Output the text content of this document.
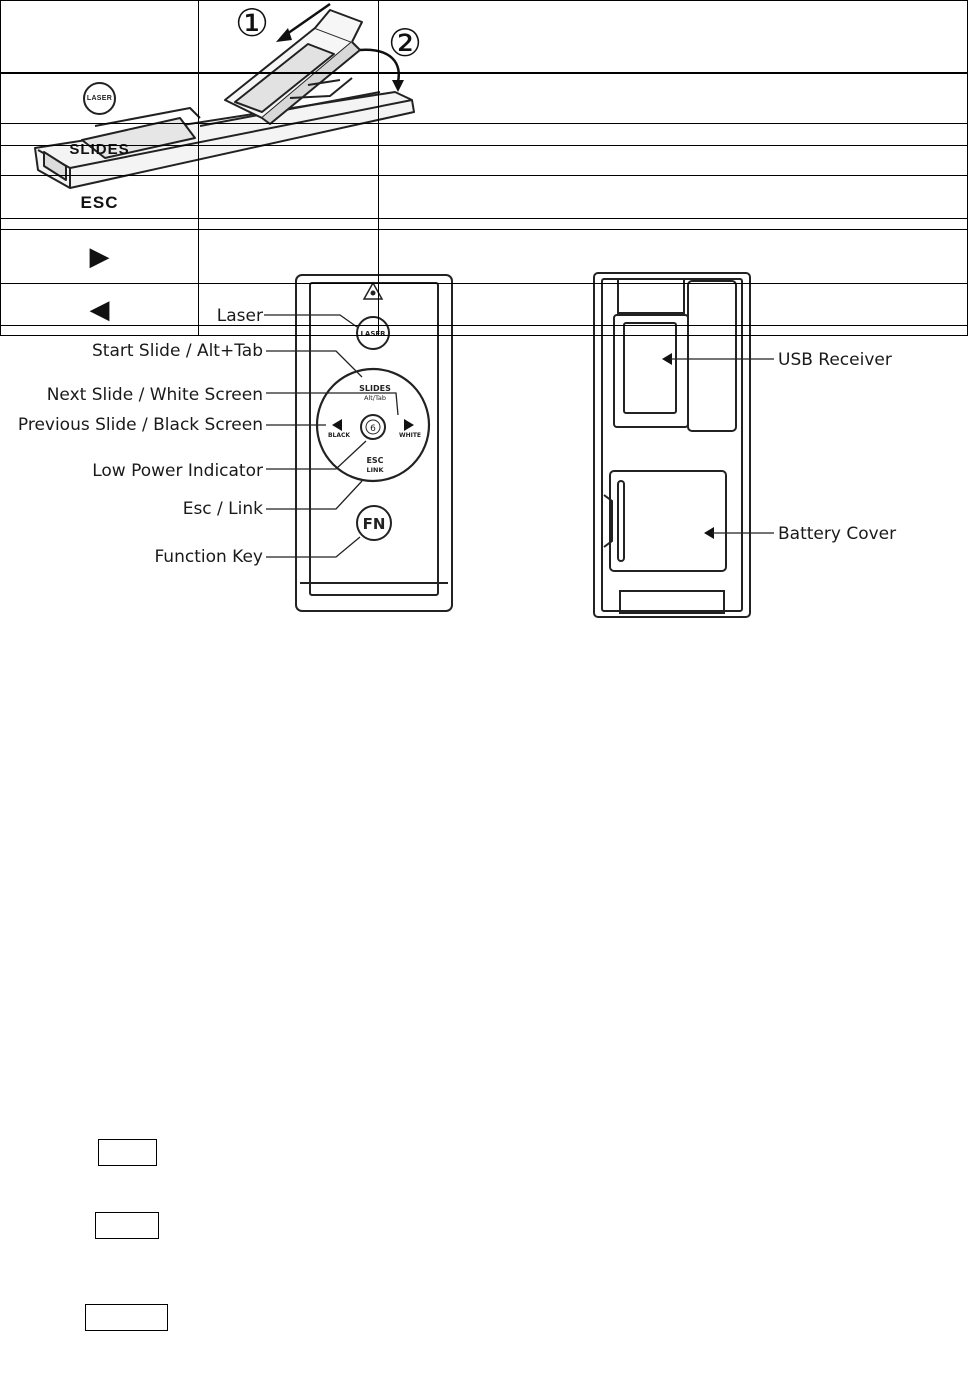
①	②
LASER
SLIDES
Alt/Tab
BLACK	WHITE
6
ESC
LINK
FN
Laser
Start Slide / Alt+Tab
Next Slide / White Screen
Previous Slide / Black Screen
Low Power Indicator
Esc / Link
Function Key
USB Receiver
Battery Cover

LASER		
SLIDES		
ESC		
▶		
◀		
